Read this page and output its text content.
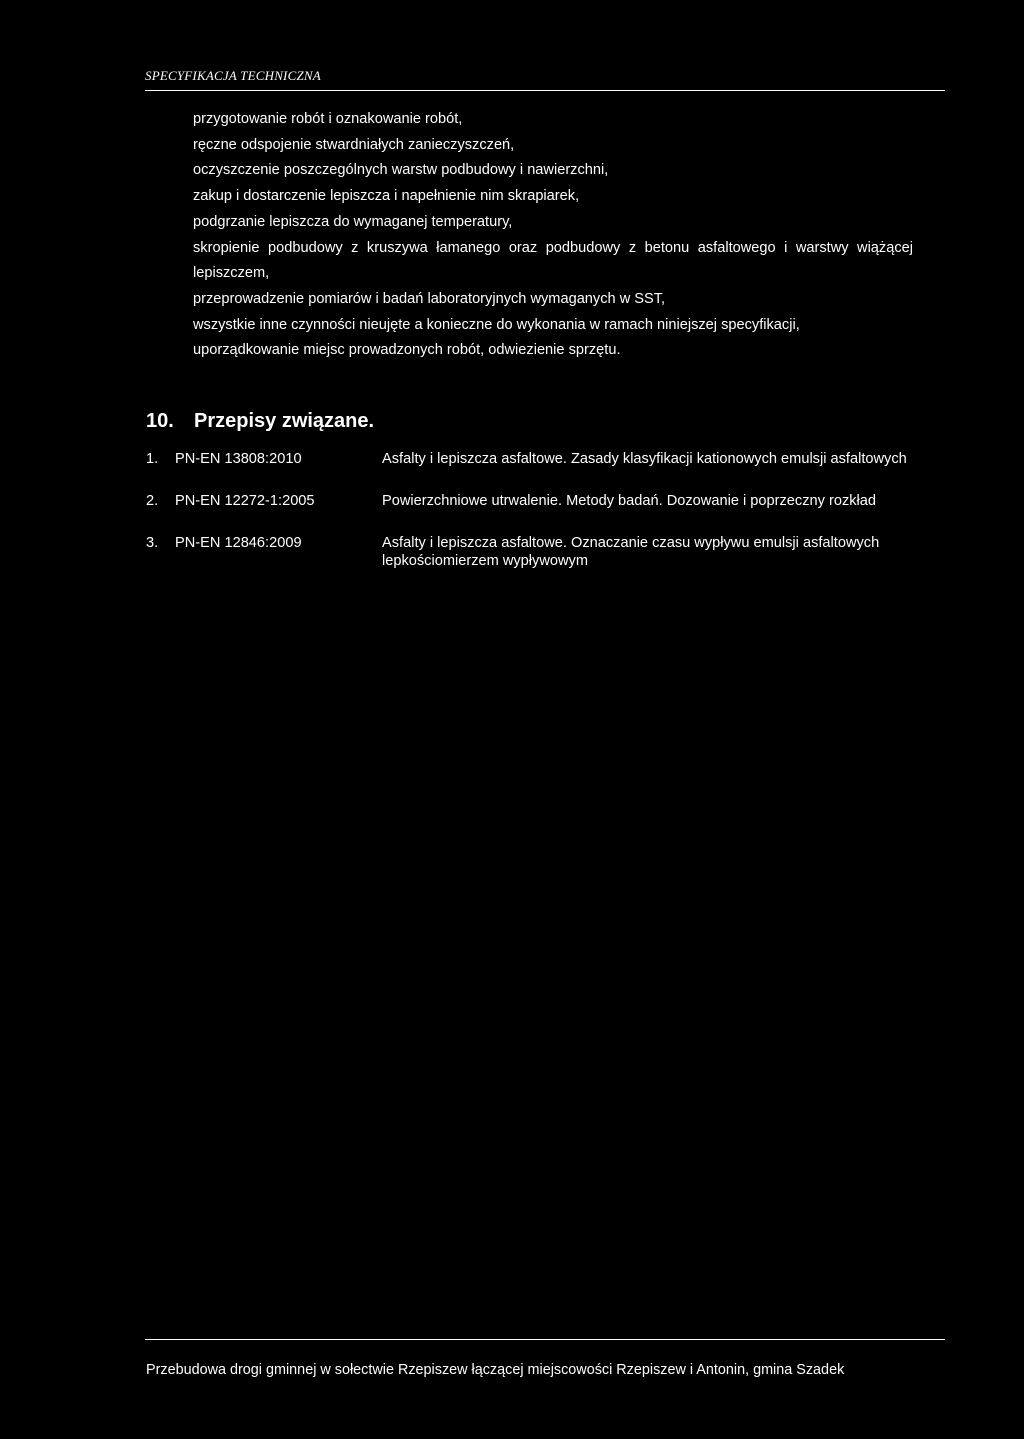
SPECYFIKACJA TECHNICZNA
przygotowanie robót i oznakowanie robót,
ręczne odspojenie stwardniałych zanieczyszczeń,
oczyszczenie poszczególnych warstw podbudowy i nawierzchni,
zakup i dostarczenie lepiszcza i napełnienie nim skrapiarek,
podgrzanie lepiszcza do wymaganej temperatury,
skropienie podbudowy z kruszywa łamanego oraz podbudowy z betonu asfaltowego i warstwy wiążącej lepiszczem,
przeprowadzenie pomiarów i badań laboratoryjnych wymaganych w SST,
wszystkie inne czynności nieujęte a konieczne do wykonania w ramach niniejszej specyfikacji,
uporządkowanie miejsc prowadzonych robót, odwiezienie sprzętu.
10. Przepisy związane.
1. PN-EN 13808:2010	Asfalty i lepiszcza asfaltowe. Zasady klasyfikacji kationowych emulsji asfaltowych
2. PN-EN 12272-1:2005	Powierzchniowe utrwalenie. Metody badań. Dozowanie i poprzeczny rozkład
3. PN-EN 12846:2009	Asfalty i lepiszcza asfaltowe. Oznaczanie czasu wypływu emulsji asfaltowych lepkościomierzem wypływowym
Przebudowa drogi gminnej w sołectwie Rzepiszew łączącej miejscowości Rzepiszew i Antonin, gmina Szadek
